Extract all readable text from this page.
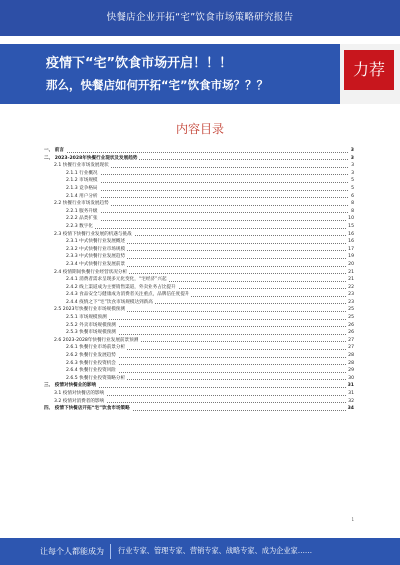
快餐店企业开拓“宅”饮食市场策略研究报告
疫情下“宅”饮食市场开启！！！
那么，快餐店如何开拓“宅”饮食市场？？？
力荐
内容目录
一、 前言	3
二、 2023-2028年快餐行业现状及发展趋势	3
2.1 快餐行业市场发展现状	3
2.1.1 行业概况	3
2.1.2 市场规模	5
2.1.3 竞争格局	5
2.1.4 用户分析	6
2.2 快餐行业市场发展趋势	8
2.2.1 服务升级	8
2.2.2 品类扩张	10
2.2.3 数字化	15
2.3 疫情下快餐行业发展的机遇与挑战	16
2.3.1 中式快餐行业发展概述	16
2.3.2 中式快餐行业市场规模	17
2.3.3 中式快餐行业发展趋势	19
2.3.4 中式快餐行业发展前景	20
2.4 疫情期间快餐行业经营状况分析	21
2.4.1 消费者需求呈现多元化变化，“宅经济”兴起	21
2.4.2 线上渠道成为主要销售渠道，外卖业务占比提升	22
2.4.3 食品安全与健康成为消费者关注重点，品牌信任度提升	23
2.4.4 疫情之下“宅”饮食市场规模达到新高	23
2.5 2023年快餐行业市场规模预测	25
2.5.1 市场规模预测	25
2.5.2 外卖市场规模预测	26
2.5.3 快餐市场规模预测	26
2.6 2023-2028年快餐行业发展前景预测	27
2.6.1 快餐行业市场前景分析	27
2.6.2 快餐行业发展趋势	28
2.6.3 快餐行业投资机会	28
2.6.4 快餐行业投资风险	29
2.6.5 快餐行业投资策略分析	30
三、 疫情对快餐业的影响	31
3.1 疫情对快餐店的影响	31
3.2 疫情对消费者的影响	32
四、 疫情下快餐店开拓“宅”饮食市场策略	34
1
让每个人都能成为 行业专家、管理专家、营销专家、战略专家、成为企业家……
